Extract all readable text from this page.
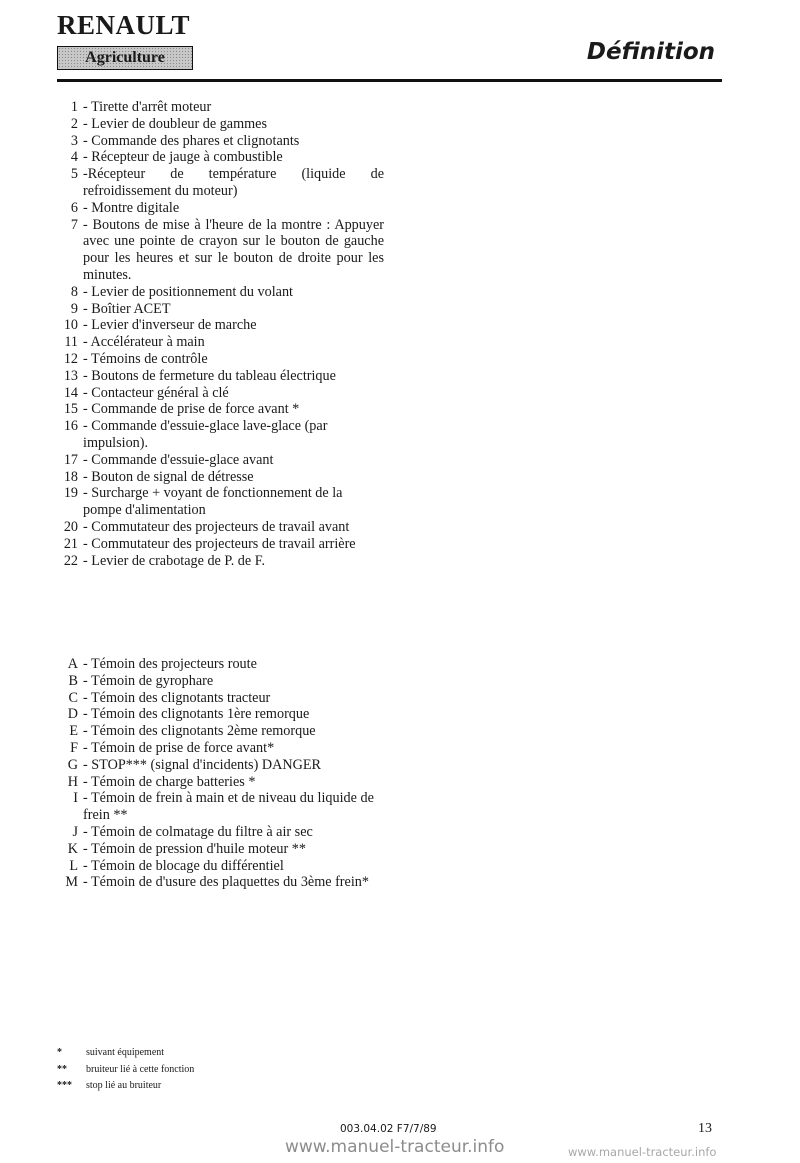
RENAULT
Agriculture	Définition
1 - Tirette d'arrêt moteur
2 - Levier de doubleur de gammes
3 - Commande des phares et clignotants
4 - Récepteur de jauge à combustible
5 -Récepteur de température (liquide de refroidissement du moteur)
6 - Montre digitale
7 - Boutons de mise à l'heure de la montre : Appuyer avec une pointe de crayon sur le bouton de gauche pour les heures et sur le bouton de droite pour les minutes.
8 - Levier de positionnement du volant
9 - Boîtier ACET
10 - Levier d'inverseur de marche
11 - Accélérateur à main
12 - Témoins de contrôle
13 - Boutons de fermeture du tableau électrique
14 - Contacteur général à clé
15 - Commande de prise de force avant *
16 - Commande d'essuie-glace lave-glace (par impulsion).
17 - Commande d'essuie-glace avant
18 - Bouton de signal de détresse
19 - Surcharge + voyant de fonctionnement de la pompe d'alimentation
20 - Commutateur des projecteurs de travail avant
21 - Commutateur des projecteurs de travail arrière
22 - Levier de crabotage de P. de F.
A - Témoin des projecteurs route
B - Témoin de gyrophare
C - Témoin des clignotants tracteur
D - Témoin des clignotants 1ère remorque
E - Témoin des clignotants 2ème remorque
F - Témoin de prise de force avant*
G - STOP*** (signal d'incidents) DANGER
H - Témoin de charge batteries *
I - Témoin de frein à main et de niveau du liquide de frein **
J - Témoin de colmatage du filtre à air sec
K - Témoin de pression d'huile moteur **
L - Témoin de blocage du différentiel
M - Témoin de d'usure des plaquettes du 3ème frein*
*	suivant équipement
**	bruiteur lié à cette fonction
***	stop lié au bruiteur
003.04.02 F7/7/89	13
www.manuel-tracteur.info	www.manuel-tracteur.info
